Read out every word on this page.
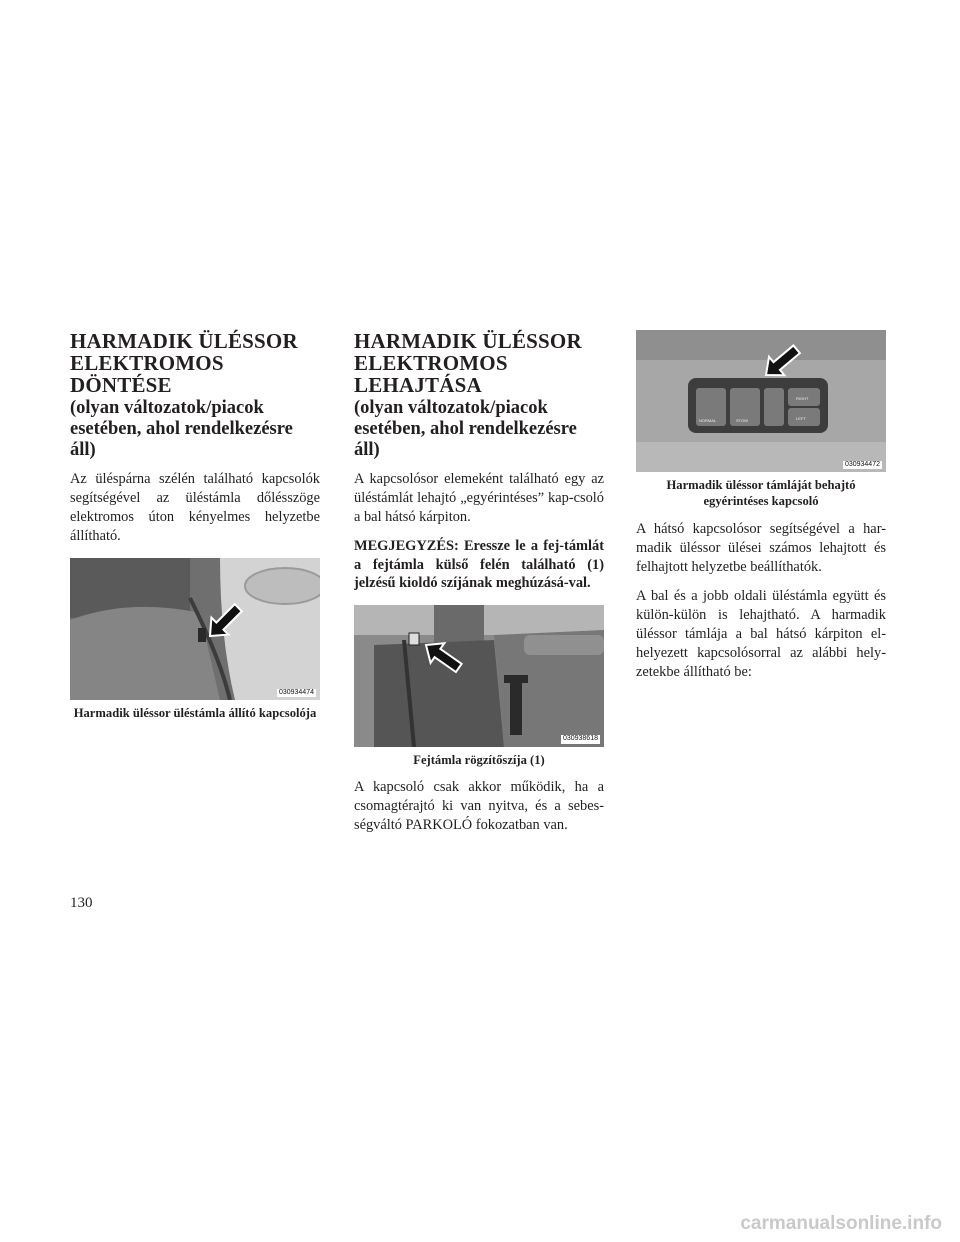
HARMADIK ÜLÉSSOR ELEKTROMOS DÖNTÉSE
(olyan változatok/piacok esetében, ahol rendelkezésre áll)

Az üléspárna szélén található kapcsolók segítségével az üléstámla dőlésszöge elektromos úton kényelmes helyzetbe állítható.

030934474
Harmadik üléssor üléstámla állító kapcsolója
HARMADIK ÜLÉSSOR ELEKTROMOS LEHAJTÁSA
(olyan változatok/piacok esetében, ahol rendelkezésre áll)

A kapcsolósor elemeként található egy az üléstámlát lehajtó „egyérintéses” kap-csoló a bal hátsó kárpiton.

MEGJEGYZÉS: Eressze le a fej-támlát a fejtámla külső felén található (1) jelzésű kioldó szíjának meghúzásá-val.

030938618
Fejtámla rögzítőszíja (1)

A kapcsoló csak akkor működik, ha a csomagtérajtó ki van nyitva, és a sebes-ségváltó PARKOLÓ fokozatban van.

NORMAL	STOW
RIGHT
LEFT
030934472
Harmadik üléssor támláját behajtó egyérintéses kapcsoló

A hátsó kapcsolósor segítségével a har-madik üléssor ülései számos lehajtott és felhajtott helyzetbe beállíthatók.

A bal és a jobb oldali üléstámla együtt és külön-külön is lehajtható. A harmadik üléssor támlája a bal hátsó kárpiton el-helyezett kapcsolósorral az alábbi hely-zetekbe állítható be:

130
carmanualsonline.info
